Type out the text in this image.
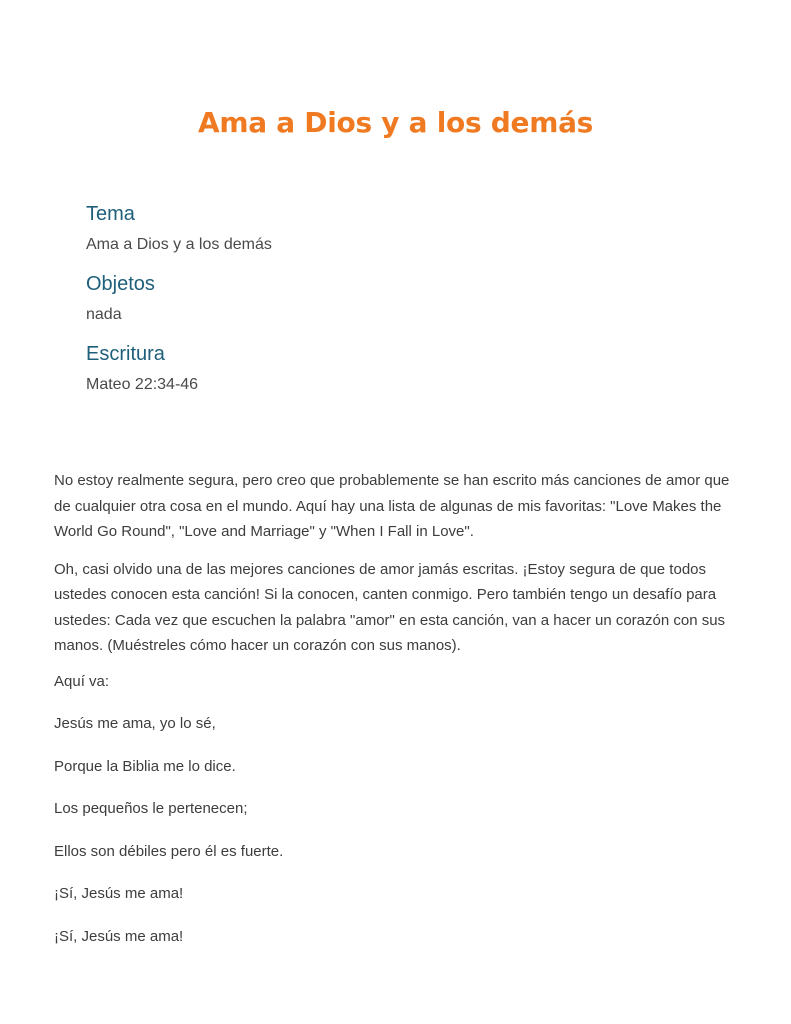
Ama a Dios y a los demás
Tema

Ama a Dios y a los demás

Objetos

nada

Escritura

Mateo 22:34-46

No estoy realmente segura, pero creo que probablemente se han escrito más canciones de amor que de cualquier otra cosa en el mundo. Aquí hay una lista de algunas de mis favoritas: "Love Makes the World Go Round", "Love and Marriage" y "When I Fall in Love".

Oh, casi olvido una de las mejores canciones de amor jamás escritas. ¡Estoy segura de que todos ustedes conocen esta canción! Si la conocen, canten conmigo. Pero también tengo un desafío para ustedes: Cada vez que escuchen la palabra "amor" en esta canción, van a hacer un corazón con sus manos. (Muéstreles cómo hacer un corazón con sus manos).

Aquí va:

Jesús me ama, yo lo sé,

Porque la Biblia me lo dice.

Los pequeños le pertenecen;

Ellos son débiles pero él es fuerte.

¡Sí, Jesús me ama!

¡Sí, Jesús me ama!
